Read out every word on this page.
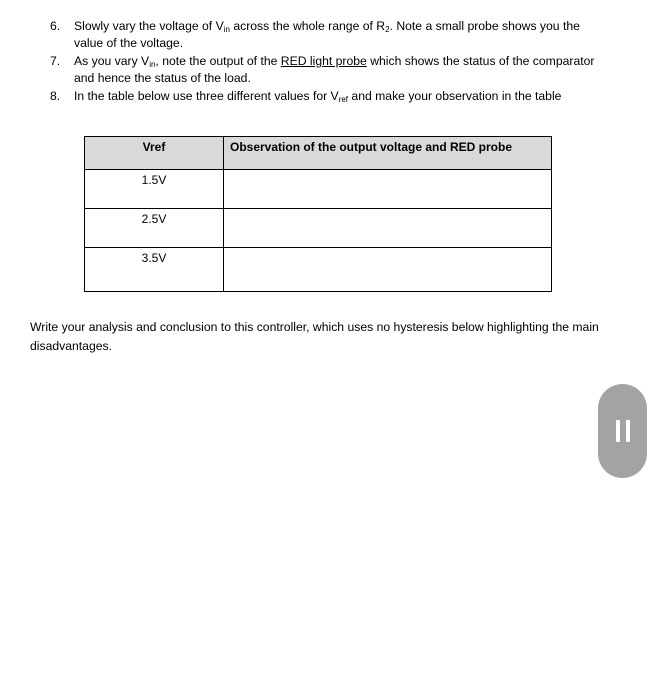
6.	Slowly vary the voltage of $V_{in}$ across the whole range of $R_2$. Note a small probe shows you the value of the voltage.
7.	As you vary $V_{in}$, note the output of the RED light probe which shows the status of the comparator and hence the status of the load.
8.	In the table below use three different values for $V_{ref}$ and make your observation in the table
Vref	Observation of the output voltage and RED probe
1.5V	
2.5V	
3.5V	
Write your analysis and conclusion to this controller, which uses no hysteresis below highlighting the main disadvantages.
